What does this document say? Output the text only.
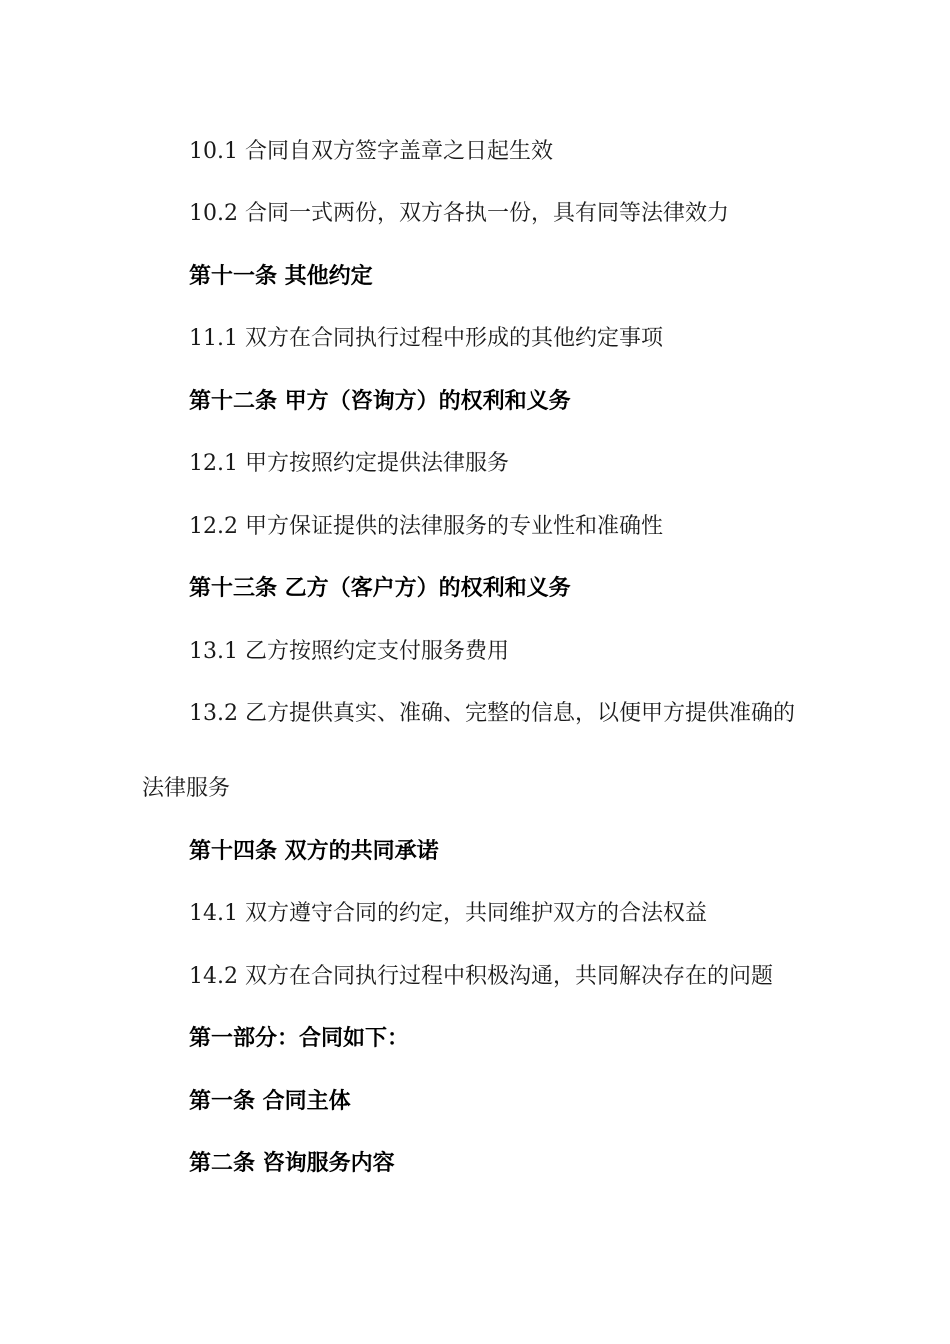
10.1 合同自双方签字盖章之日起生效
10.2 合同一式两份，双方各执一份，具有同等法律效力
第十一条 其他约定
11.1 双方在合同执行过程中形成的其他约定事项
第十二条 甲方（咨询方）的权利和义务
12.1 甲方按照约定提供法律服务
12.2 甲方保证提供的法律服务的专业性和准确性
第十三条 乙方（客户方）的权利和义务
13.1 乙方按照约定支付服务费用
13.2 乙方提供真实、准确、完整的信息，以便甲方提供准确的
法律服务
第十四条 双方的共同承诺
14.1 双方遵守合同的约定，共同维护双方的合法权益
14.2 双方在合同执行过程中积极沟通，共同解决存在的问题
第一部分：合同如下：
第一条 合同主体
第二条 咨询服务内容
